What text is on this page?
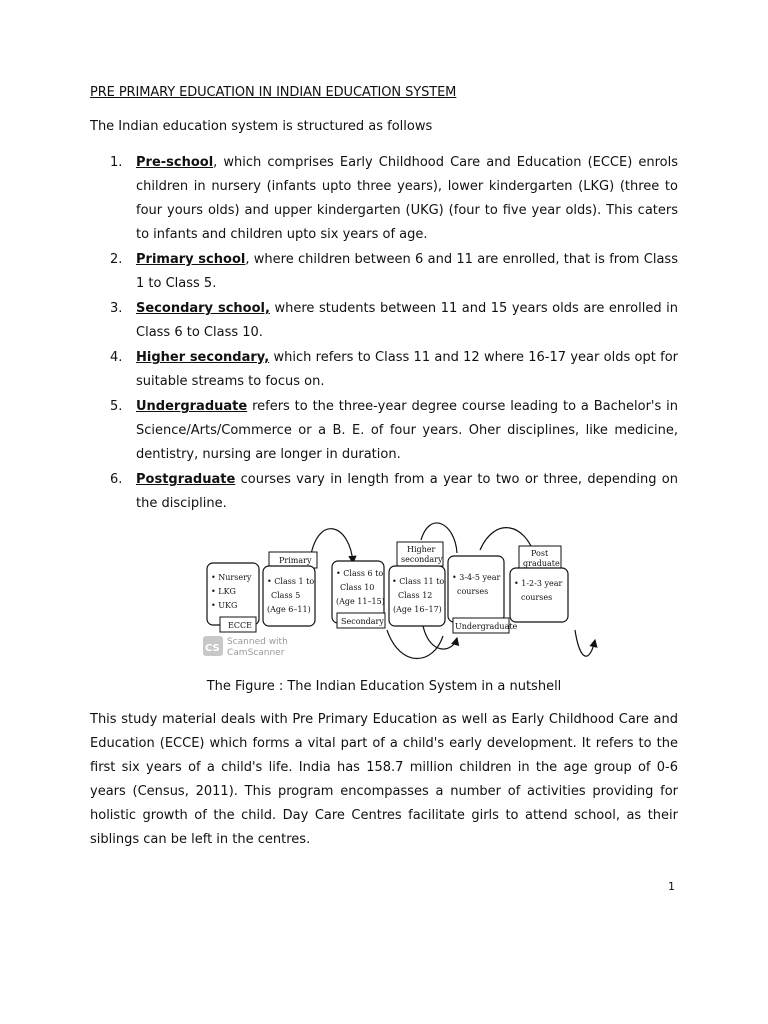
PRE PRIMARY EDUCATION IN INDIAN EDUCATION SYSTEM

The Indian education system is structured as follows

1. Pre-school, which comprises Early Childhood Care and Education (ECCE) enrols children in nursery (infants upto three years), lower kindergarten (LKG) (three to four yours olds) and upper kindergarten (UKG) (four to five year olds). This caters to infants and children upto six years of age.
2. Primary school, where children between 6 and 11 are enrolled, that is from Class 1 to Class 5.
3. Secondary school, where students between 11 and 15 years olds are enrolled in Class 6 to Class 10.
4. Higher secondary, which refers to Class 11 and 12 where 16-17 year olds opt for suitable streams to focus on.
5. Undergraduate refers to the three-year degree course leading to a Bachelor's in Science/Arts/Commerce or a B. E. of four years. Oher disciplines, like medicine, dentistry, nursing are longer in duration.
6. Postgraduate courses vary in length from a year to two or three, depending on the discipline.
• Nursery
• LKG
• UKG
ECCE
Primary
• Class 1 to
Class 5
(Age 6–11)
• Class 6 to
Class 10
(Age 11–15)
Secondary
Higher
secondary
• Class 11 to
Class 12
(Age 16–17)
• 3-4-5 year
courses
Undergraduate
Post
graduate
• 1-2-3 year
courses
CS
Scanned with
CamScanner

The Figure : The Indian Education System in a nutshell

This study material deals with Pre Primary Education as well as Early Childhood Care and Education (ECCE) which forms a vital part of a child's early development. It refers to the first six years of a child's life. India has 158.7 million children in the age group of 0-6 years (Census, 2011). This program encompasses a number of activities providing for holistic growth of the child. Day Care Centres facilitate girls to attend school, as their siblings can be left in the centres.

1
